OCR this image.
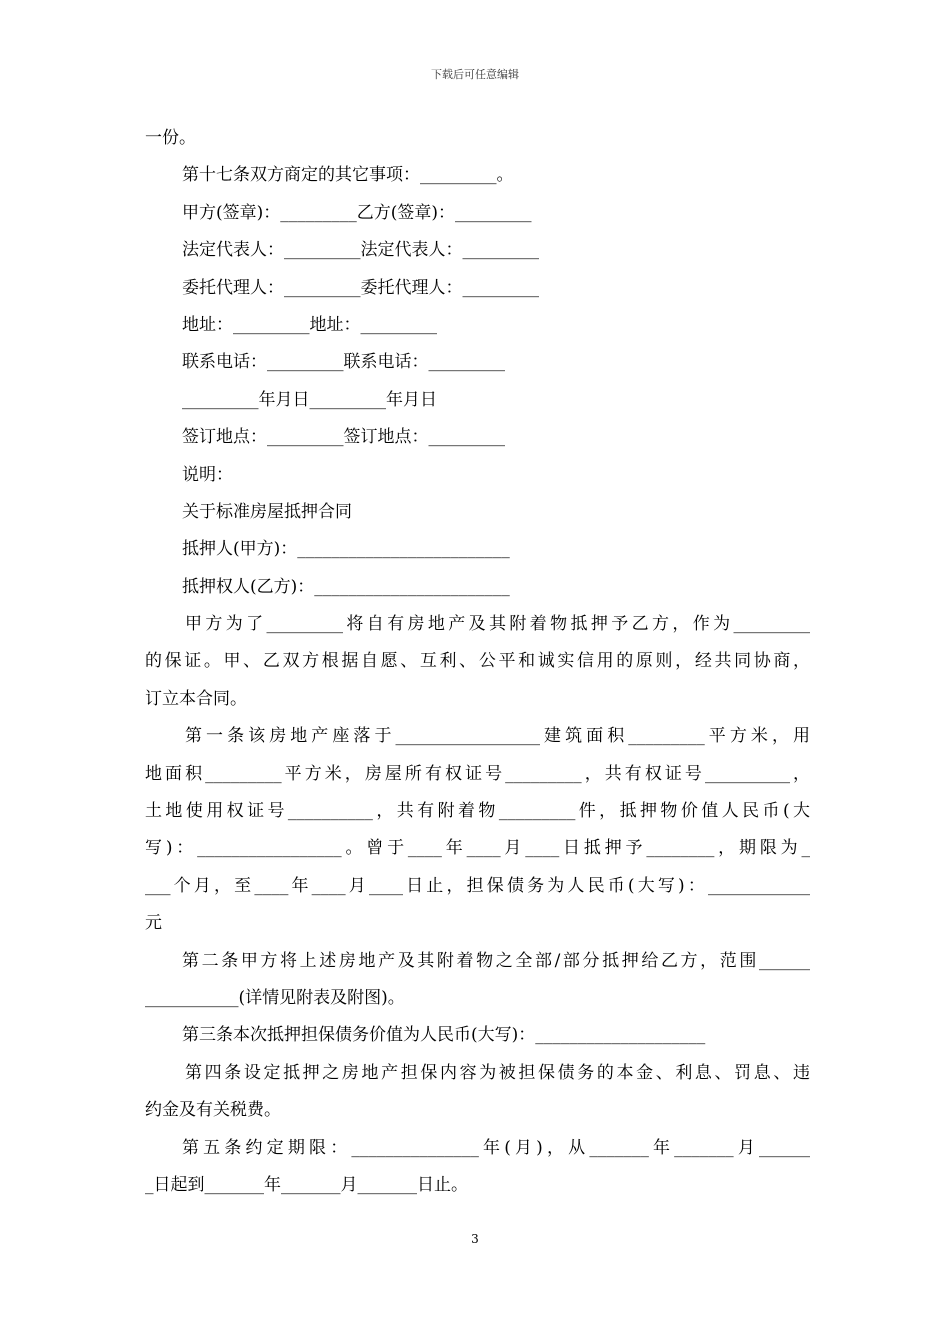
下载后可任意编辑
一份。
第十七条双方商定的其它事项：_________。
甲方(签章)：_________乙方(签章)：_________
法定代表人：_________法定代表人：_________
委托代理人：_________委托代理人：_________
地址：_________地址：_________
联系电话：_________联系电话：_________
_________年月日_________年月日
签订地点：_________签订地点：_________
说明：
关于标准房屋抵押合同
抵押人(甲方)：_________________________
抵押权人(乙方)：_______________________
甲方为了_________将自有房地产及其附着物抵押予乙方，作为_________
的保证。甲、乙双方根据自愿、互利、公平和诚实信用的原则，经共同协商，
订立本合同。
第一条该房地产座落于_________________建筑面积_________平方米，用
地面积_________平方米，房屋所有权证号_________，共有权证号__________，
土地使用权证号__________，共有附着物_________件，抵押物价值人民币(大
写)：_________________。曾于____年____月____日抵押予________，期限为_
___个月，至____年____月____日止，担保债务为人民币(大写)：____________
元
第二条甲方将上述房地产及其附着物之全部/部分抵押给乙方，范围______
___________(详情见附表及附图)。
第三条本次抵押担保债务价值为人民币(大写)：____________________
第四条设定抵押之房地产担保内容为被担保债务的本金、利息、罚息、违
约金及有关税费。
第五条约定期限：_______________年(月)，从_______年_______月______
_日起到_______年_______月_______日止。
3
